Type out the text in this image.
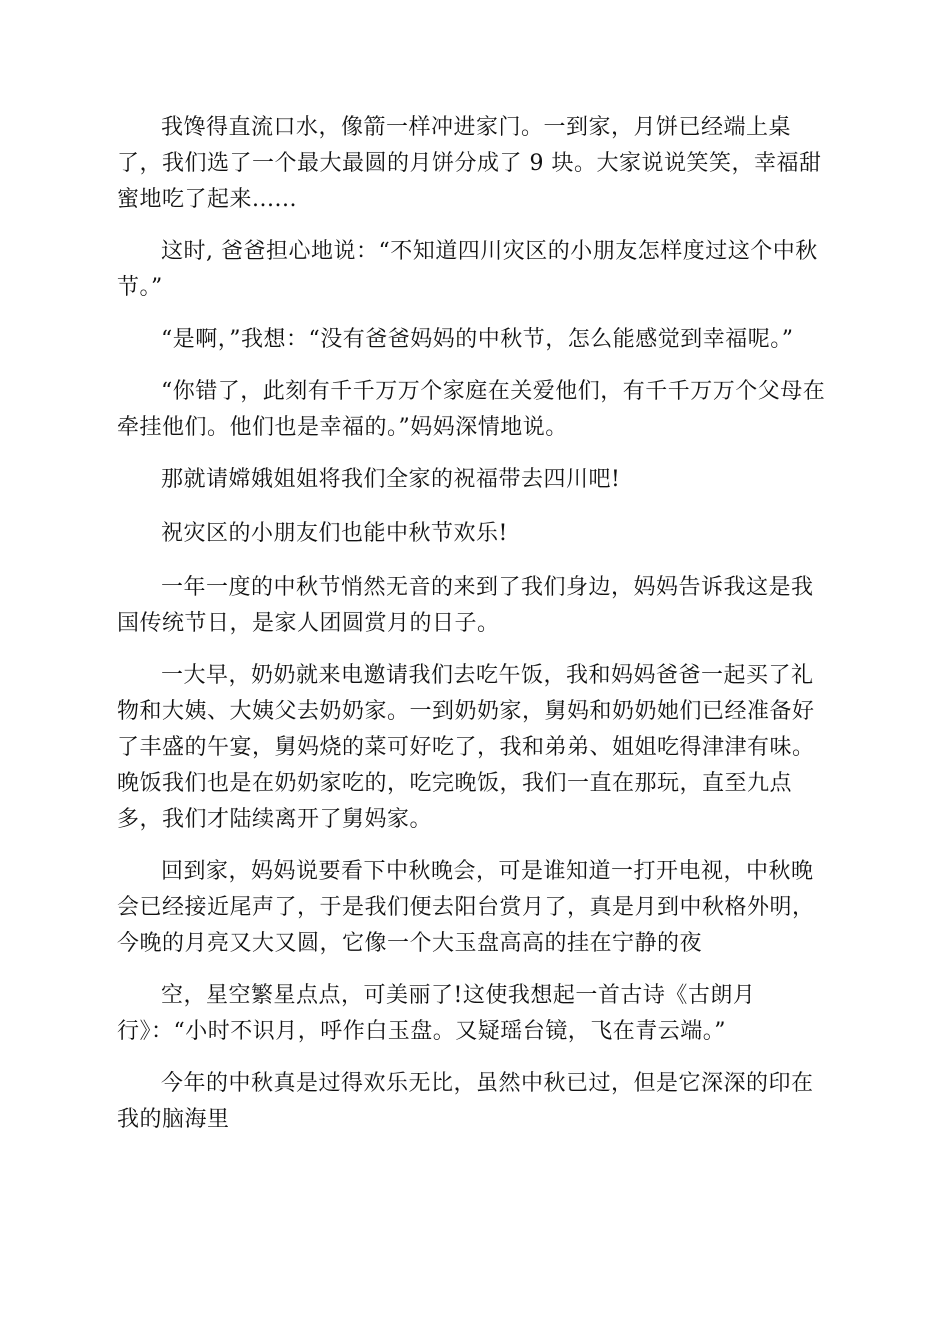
我馋得直流口水，像箭一样冲进家门。一到家，月饼已经端上桌了，我们选了一个最大最圆的月饼分成了 9 块。大家说说笑笑，幸福甜蜜地吃了起来......

这时, 爸爸担心地说：“不知道四川灾区的小朋友怎样度过这个中秋节。”

“是啊，”我想：“没有爸爸妈妈的中秋节，怎么能感觉到幸福呢。”

“你错了，此刻有千千万万个家庭在关爱他们，有千千万万个父母在牵挂他们。他们也是幸福的。”妈妈深情地说。

那就请嫦娥姐姐将我们全家的祝福带去四川吧!

祝灾区的小朋友们也能中秋节欢乐!

一年一度的中秋节悄然无音的来到了我们身边，妈妈告诉我这是我国传统节日，是家人团圆赏月的日子。

一大早，奶奶就来电邀请我们去吃午饭，我和妈妈爸爸一起买了礼物和大姨、大姨父去奶奶家。一到奶奶家，舅妈和奶奶她们已经准备好了丰盛的午宴，舅妈烧的菜可好吃了，我和弟弟、姐姐吃得津津有味。晚饭我们也是在奶奶家吃的，吃完晚饭，我们一直在那玩，直至九点多，我们才陆续离开了舅妈家。

回到家，妈妈说要看下中秋晚会，可是谁知道一打开电视，中秋晚会已经接近尾声了，于是我们便去阳台赏月了，真是月到中秋格外明，今晚的月亮又大又圆，它像一个大玉盘高高的挂在宁静的夜

空，星空繁星点点，可美丽了!这使我想起一首古诗《古朗月行》：“小时不识月，呼作白玉盘。又疑瑶台镜，飞在青云端。”

今年的中秋真是过得欢乐无比，虽然中秋已过，但是它深深的印在我的脑海里
